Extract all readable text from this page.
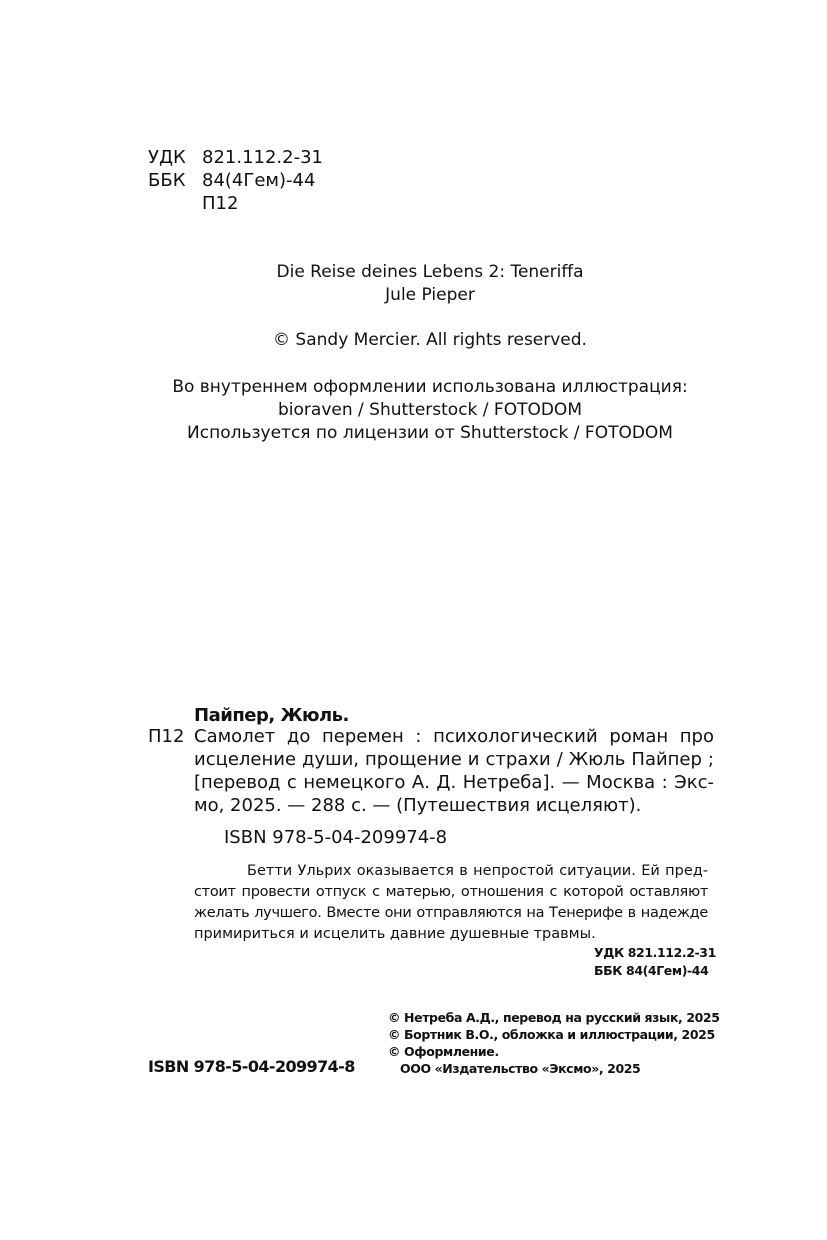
УДК 821.112.2-31
ББК 84(4Гем)-44
П12
Die Reise deines Lebens 2: Teneriffa
Jule Pieper
© Sandy Mercier. All rights reserved.
Во внутреннем оформлении использована иллюстрация:
bioraven / Shutterstock / FOTODOM
Используется по лицензии от Shutterstock / FOTODOM
Пайпер, Жюль.
П12 Самолет до перемен : психологический роман про
исцеление души, прощение и страхи / Жюль Пайпер ;
[перевод с немецкого А. Д. Нетреба]. — Москва : Экс-
мо, 2025. — 288 с. — (Путешествия исцеляют).
ISBN 978-5-04-209974-8
Бетти Ульрих оказывается в непростой ситуации. Ей пред-
стоит провести отпуск с матерью, отношения с которой оставляют
желать лучшего. Вместе они отправляются на Тенерифе в надежде
примириться и исцелить давние душевные травмы.
УДК 821.112.2-31
ББК 84(4Гем)-44
ISBN 978-5-04-209974-8
© Нетреба А.Д., перевод на русский язык, 2025
© Бортник В.О., обложка и иллюстрации, 2025
© Оформление.
ООО «Издательство «Эксмо», 2025
